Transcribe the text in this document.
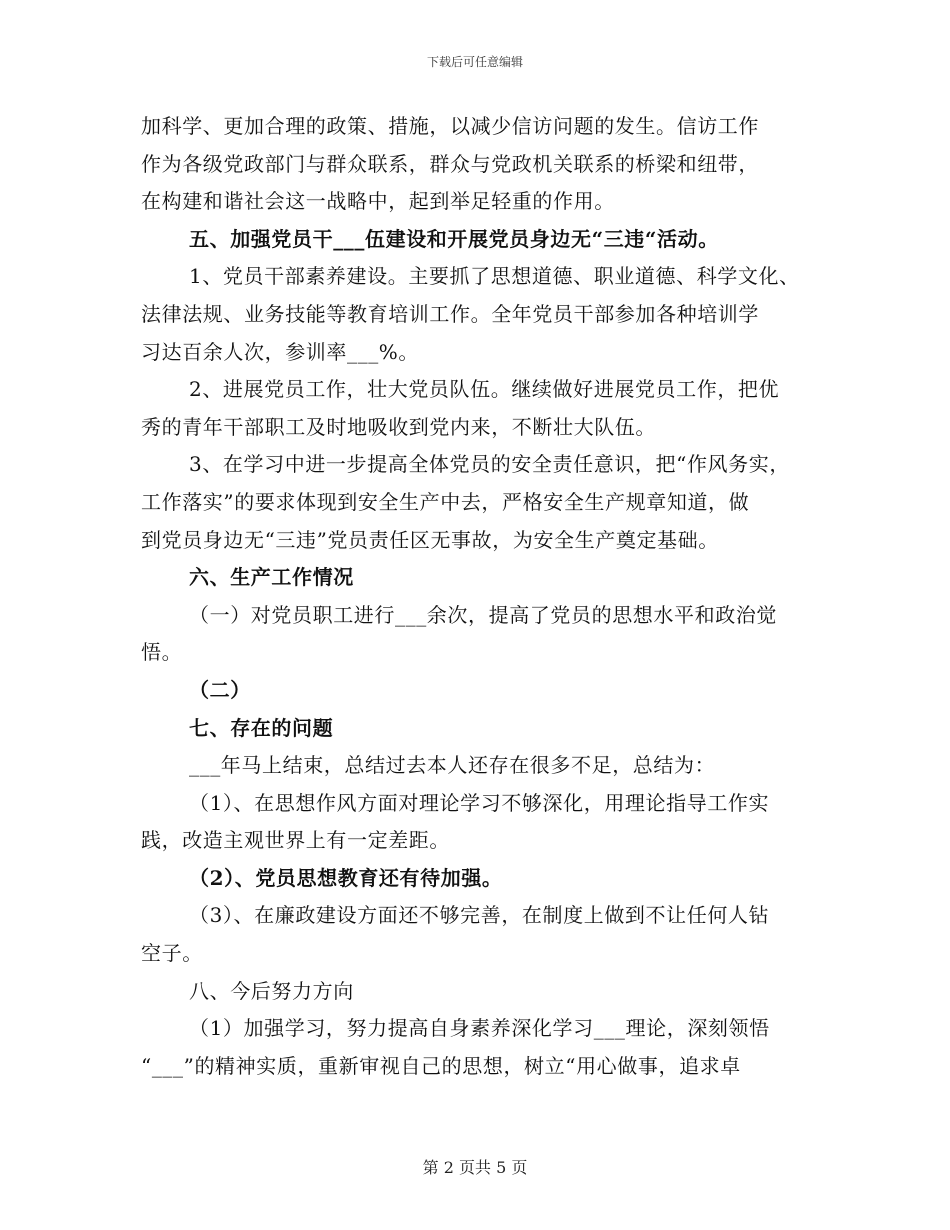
下载后可任意编辑
加科学、更加合理的政策、措施，以减少信访问题的发生。信访工作
作为各级党政部门与群众联系，群众与党政机关联系的桥梁和纽带，
在构建和谐社会这一战略中，起到举足轻重的作用。
五、加强党员干___伍建设和开展党员身边无“三违“活动。
1、党员干部素养建设。主要抓了思想道德、职业道德、科学文化、
法律法规、业务技能等教育培训工作。全年党员干部参加各种培训学
习达百余人次，参训率___%。
2、进展党员工作，壮大党员队伍。继续做好进展党员工作，把优
秀的青年干部职工及时地吸收到党内来，不断壮大队伍。
3、在学习中进一步提高全体党员的安全责任意识，把“作风务实，
工作落实”的要求体现到安全生产中去，严格安全生产规章知道，做
到党员身边无“三违”党员责任区无事故，为安全生产奠定基础。
六、生产工作情况
（一）对党员职工进行___余次，提高了党员的思想水平和政治觉
悟。
（二）
七、存在的问题
___年马上结束，总结过去本人还存在很多不足，总结为：
（1）、在思想作风方面对理论学习不够深化，用理论指导工作实
践，改造主观世界上有一定差距。
（2）、党员思想教育还有待加强。
（3）、在廉政建设方面还不够完善，在制度上做到不让任何人钻
空子。
八、今后努力方向
（1）加强学习，努力提高自身素养深化学习___理论，深刻领悟
“___”的精神实质，重新审视自己的思想，树立“用心做事，追求卓
第 2 页共 5 页
